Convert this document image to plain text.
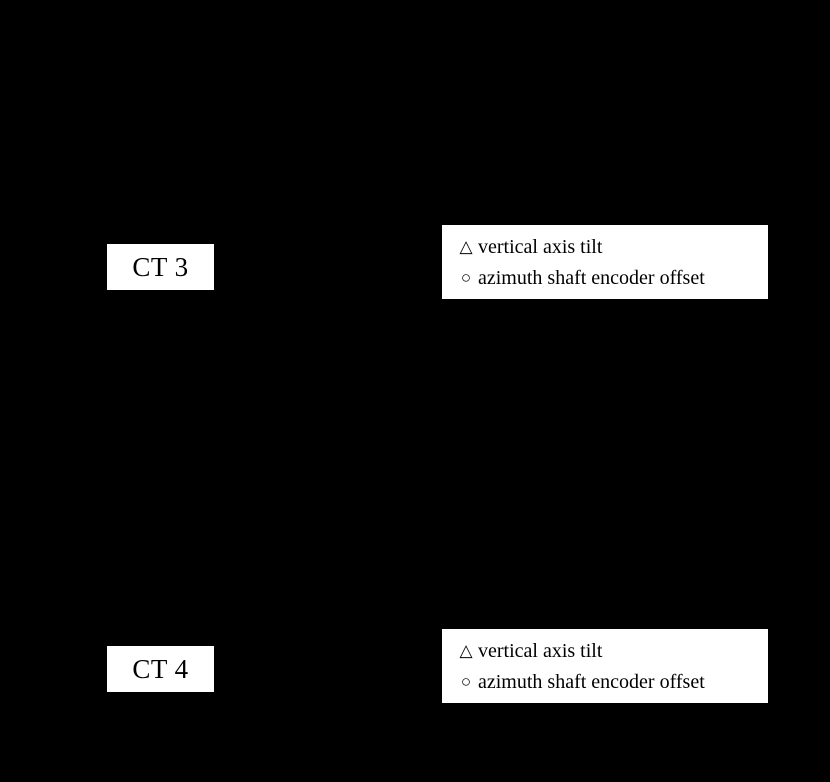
CT 3
△ vertical axis tilt
○ azimuth shaft encoder offset
CT 4
△ vertical axis tilt
○ azimuth shaft encoder offset
